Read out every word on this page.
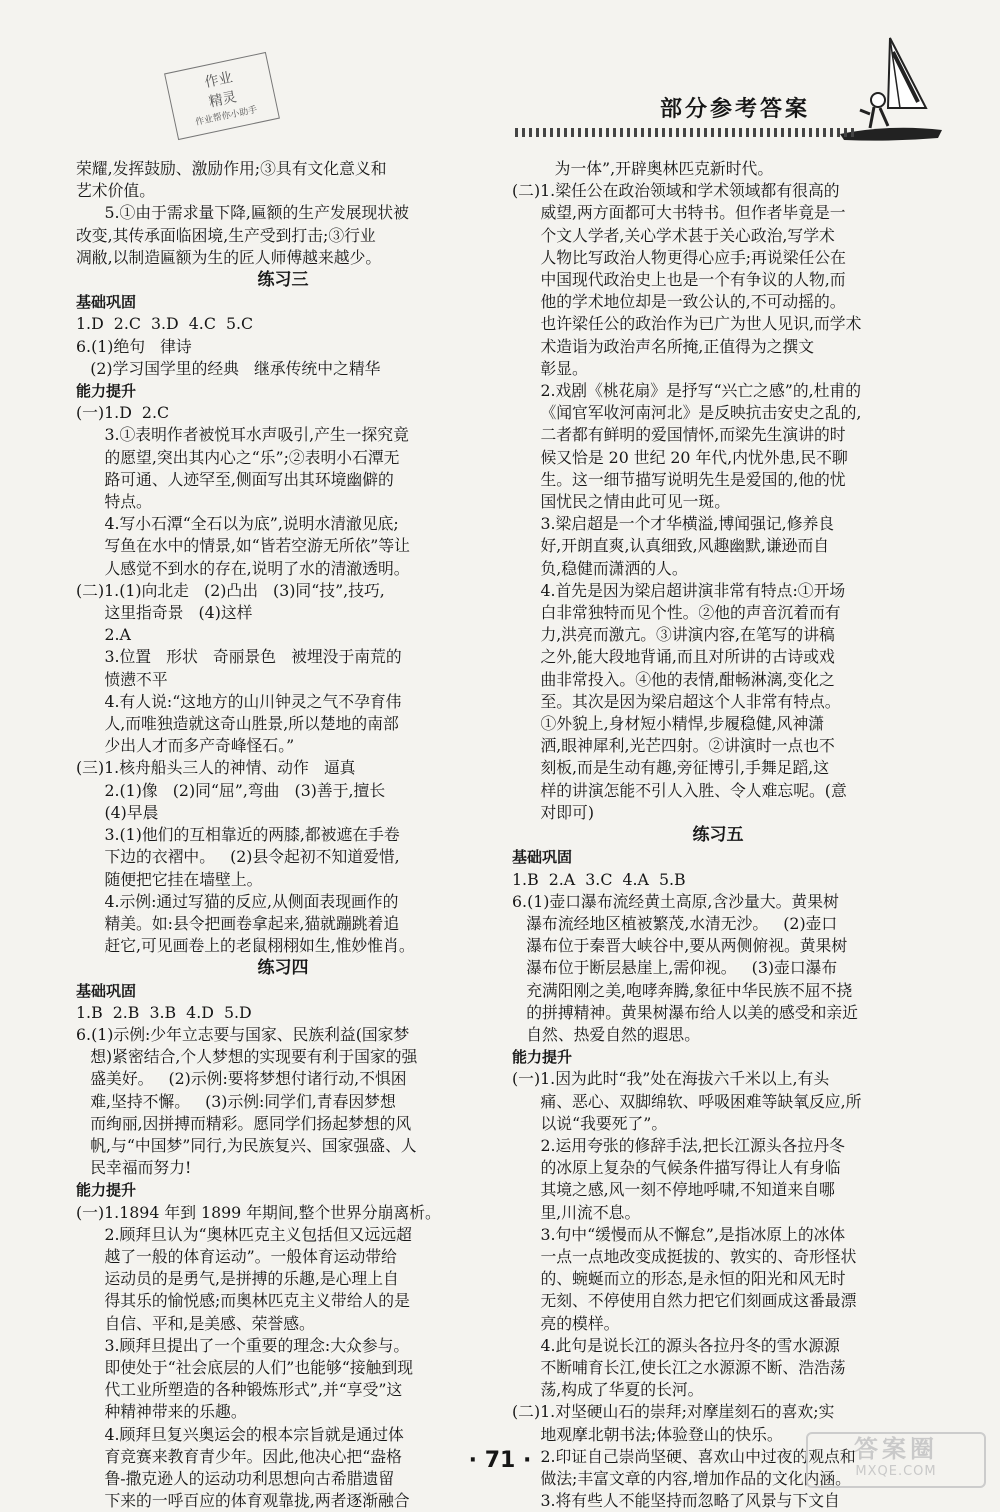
作业
精灵
作业帮你小助手	部分参考答案
荣耀,发挥鼓励、激励作用;③具有文化意义和
艺术价值。
5.①由于需求量下降,匾额的生产发展现状被
改变,其传承面临困境,生产受到打击;③行业
凋敝,以制造匾额为生的匠人师傅越来越少。
练习三
基础巩固
1.D  2.C  3.D  4.C  5.C
6.(1)绝句   律诗
(2)学习国学里的经典   继承传统中之精华
能力提升
(一)1.D  2.C
3.①表明作者被悦耳水声吸引,产生一探究竟
的愿望,突出其内心之“乐”;②表明小石潭无
路可通、人迹罕至,侧面写出其环境幽僻的
特点。
4.写小石潭“全石以为底”,说明水清澈见底;
写鱼在水中的情景,如“皆若空游无所依”等让
人感觉不到水的存在,说明了水的清澈透明。
(二)1.(1)向北走   (2)凸出   (3)同“技”,技巧,
这里指奇景   (4)这样
2.A
3.位置   形状   奇丽景色   被埋没于南荒的
愤懑不平
4.有人说:“这地方的山川钟灵之气不孕育伟
人,而唯独造就这奇山胜景,所以楚地的南部
少出人才而多产奇峰怪石。”
(三)1.核舟船头三人的神情、动作   逼真
2.(1)像   (2)同“屈”,弯曲   (3)善于,擅长
(4)早晨
3.(1)他们的互相靠近的两膝,都被遮在手卷
下边的衣褶中。   (2)县令起初不知道爱惜,
随便把它挂在墙壁上。
4.示例:通过写猫的反应,从侧面表现画作的
精美。如:县令把画卷拿起来,猫就蹦跳着追
赶它,可见画卷上的老鼠栩栩如生,惟妙惟肖。
练习四
基础巩固
1.B  2.B  3.B  4.D  5.D
6.(1)示例:少年立志要与国家、民族利益(国家梦
想)紧密结合,个人梦想的实现要有利于国家的强
盛美好。   (2)示例:要将梦想付诸行动,不惧困
难,坚持不懈。   (3)示例:同学们,青春因梦想
而绚丽,因拼搏而精彩。愿同学们扬起梦想的风
帆,与“中国梦”同行,为民族复兴、国家强盛、人
民幸福而努力!
能力提升
(一)1.1894 年到 1899 年期间,整个世界分崩离析。
2.顾拜旦认为“奥林匹克主义包括但又远远超
越了一般的体育运动”。一般体育运动带给
运动员的是勇气,是拼搏的乐趣,是心理上自
得其乐的愉悦感;而奥林匹克主义带给人的是
自信、平和,是美感、荣誉感。
3.顾拜旦提出了一个重要的理念:大众参与。
即使处于“社会底层的人们”也能够“接触到现
代工业所塑造的各种锻炼形式”,并“享受”这
种精神带来的乐趣。
4.顾拜旦复兴奥运会的根本宗旨就是通过体
育竞赛来教育青少年。因此,他决心把“盎格
鲁-撒克逊人的运动功利思想向古希腊遗留
下来的一呼百应的体育观靠拢,两者逐渐融合
为一体”,开辟奥林匹克新时代。
(二)1.梁任公在政治领域和学术领域都有很高的
威望,两方面都可大书特书。但作者毕竟是一
个文人学者,关心学术甚于关心政治,写学术
人物比写政治人物更得心应手;再说梁任公在
中国现代政治史上也是一个有争议的人物,而
他的学术地位却是一致公认的,不可动摇的。
也许梁任公的政治作为已广为世人见识,而学术
术造诣为政治声名所掩,正值得为之撰文
彰显。
2.戏剧《桃花扇》是抒写“兴亡之感”的,杜甫的
《闻官军收河南河北》是反映抗击安史之乱的,
二者都有鲜明的爱国情怀,而梁先生演讲的时
候又恰是 20 世纪 20 年代,内忧外患,民不聊
生。这一细节描写说明先生是爱国的,他的忧
国忧民之情由此可见一斑。
3.梁启超是一个才华横溢,博闻强记,修养良
好,开朗直爽,认真细致,风趣幽默,谦逊而自
负,稳健而潇洒的人。
4.首先是因为梁启超讲演非常有特点:①开场
白非常独特而见个性。②他的声音沉着而有
力,洪亮而激亢。③讲演内容,在笔写的讲稿
之外,能大段地背诵,而且对所讲的古诗或戏
曲非常投入。④他的表情,酣畅淋漓,变化之
至。其次是因为梁启超这个人非常有特点。
①外貌上,身材短小精悍,步履稳健,风神潇
洒,眼神犀利,光芒四射。②讲演时一点也不
刻板,而是生动有趣,旁征博引,手舞足蹈,这
样的讲演怎能不引人入胜、令人难忘呢。(意
对即可)
练习五
基础巩固
1.B  2.A  3.C  4.A  5.B
6.(1)壶口瀑布流经黄土高原,含沙量大。黄果树
瀑布流经地区植被繁茂,水清无沙。   (2)壶口
瀑布位于秦晋大峡谷中,要从两侧俯视。黄果树
瀑布位于断层悬崖上,需仰视。   (3)壶口瀑布
充满阳刚之美,咆哮奔腾,象征中华民族不屈不挠
的拼搏精神。黄果树瀑布给人以美的感受和亲近
自然、热爱自然的遐思。
能力提升
(一)1.因为此时“我”处在海拔六千米以上,有头
痛、恶心、双脚绵软、呼吸困难等缺氧反应,所
以说“我要死了”。
2.运用夸张的修辞手法,把长江源头各拉丹冬
的冰原上复杂的气候条件描写得让人有身临
其境之感,风一刻不停地呼啸,不知道来自哪
里,川流不息。
3.句中“缓慢而从不懈怠”,是指冰原上的冰体
一点一点地改变成挺拔的、敦实的、奇形怪状
的、蜿蜒而立的形态,是永恒的阳光和风无时
无刻、不停使用自然力把它们刻画成这番最漂
亮的模样。
4.此句是说长江的源头各拉丹冬的雪水源源
不断哺育长江,使长江之水源源不断、浩浩荡
荡,构成了华夏的长河。
(二)1.对坚硬山石的崇拜;对摩崖刻石的喜欢;实
地观摩北朝书法;体验登山的快乐。
2.印证自己崇尚坚硬、喜欢山中过夜的观点和
做法;丰富文章的内容,增加作品的文化内涵。
3.将有些人不能坚持而忽略了风景与下文自
· 71 ·	答案圈
MXQE.COM
